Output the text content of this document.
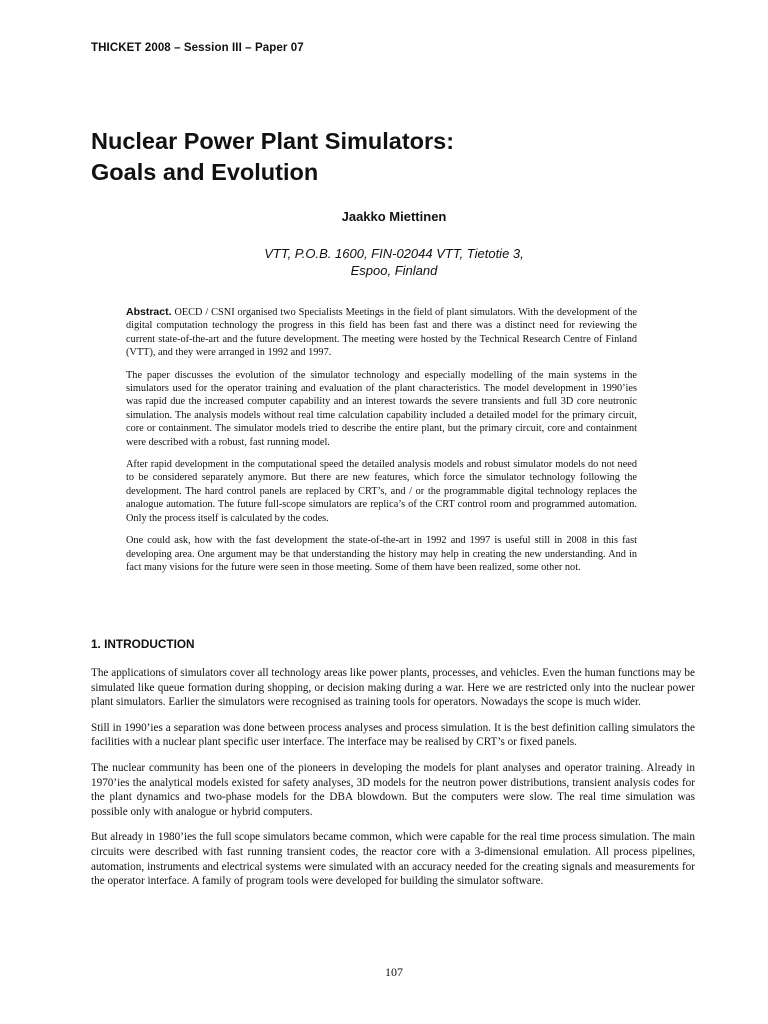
THICKET 2008 – Session III – Paper 07
Nuclear Power Plant Simulators:
Goals and Evolution
Jaakko Miettinen
VTT, P.O.B. 1600, FIN-02044 VTT, Tietotie 3,
Espoo, Finland

Abstract. OECD / CSNI organised two Specialists Meetings in the field of plant simulators. With the development of the digital computation technology the progress in this field has been fast and there was a distinct need for reviewing the current state-of-the-art and the future development. The meeting were hosted by the Technical Research Centre of Finland (VTT), and they were arranged in 1992 and 1997.

The paper discusses the evolution of the simulator technology and especially modelling of the main systems in the simulators used for the operator training and evaluation of the plant characteristics. The model development in 1990’ies was rapid due the increased computer capability and an interest towards the severe transients and full 3D core neutronic simulation. The analysis models without real time calculation capability included a detailed model for the primary circuit, core or containment. The simulator models tried to describe the entire plant, but the primary circuit, core and containment were described with a robust, fast running model.

After rapid development in the computational speed the detailed analysis models and robust simulator models do not need to be considered separately anymore. But there are new features, which force the simulator technology following the development. The hard control panels are replaced by CRT’s, and / or the programmable digital technology replaces the analogue automation. The future full-scope simulators are replica’s of the CRT control room and programmed automation. Only the process itself is calculated by the codes.

One could ask, how with the fast development the state-of-the-art in 1992 and 1997 is useful still in 2008 in this fast developing area. One argument may be that understanding the history may help in creating the new understanding. And in fact many visions for the future were seen in those meeting. Some of them have been realized, some other not.

1. INTRODUCTION

The applications of simulators cover all technology areas like power plants, processes, and vehicles. Even the human functions may be simulated like queue formation during shopping, or decision making during a war. Here we are restricted only into the nuclear power plant simulators. Earlier the simulators were recognised as training tools for operators. Nowadays the scope is much wider.

Still in 1990’ies a separation was done between process analyses and process simulation. It is the best definition calling simulators the facilities with a nuclear plant specific user interface. The interface may be realised by CRT’s or fixed panels.

The nuclear community has been one of the pioneers in developing the models for plant analyses and operator training. Already in 1970’ies the analytical models existed for safety analyses, 3D models for the neutron power distributions, transient analysis codes for the plant dynamics and two-phase models for the DBA blowdown. But the computers were slow. The real time simulation was possible only with analogue or hybrid computers.

But already in 1980’ies the full scope simulators became common, which were capable for the real time process simulation. The main circuits were described with fast running transient codes, the reactor core with a 3-dimensional emulation. All process pipelines, automation, instruments and electrical systems were simulated with an accuracy needed for the creating signals and measurements for the operator interface. A family of program tools were developed for building the simulator software.

107
